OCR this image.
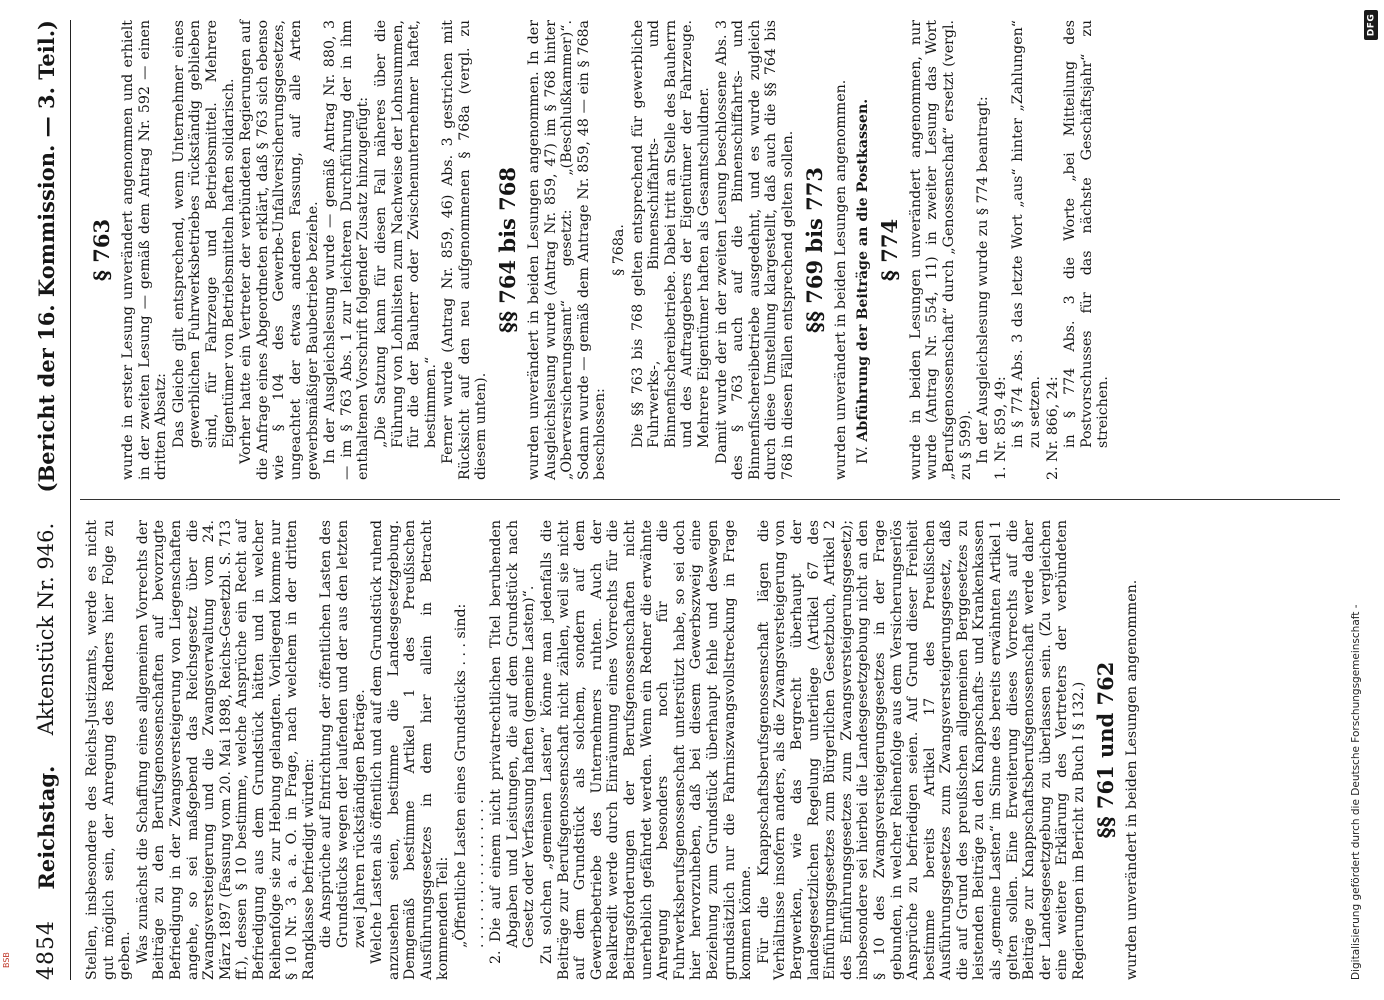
4854
Reichstag.
Aktenstück Nr. 946.
(Bericht der 16. Kommission. — 3. Teil.)

Stellen, insbesondere des Reichs-Justizamts, werde es nicht gut möglich sein, der Anregung des Redners hier Folge zu geben. Was zunächst die Schaffung eines allgemeinen Vorrechts der Beiträge zu den Berufsgenossenschaften auf bevorzugte Befriedigung in der Zwangsversteigerung von Liegenschaften angehe, so sei maßgebend das Reichsgesetz über die Zwangsversteigerung und die Zwangsverwaltung vom 24. März 1897 (Fassung vom 20. Mai 1898, Reichs-Gesetzbl. S. 713 ff.), dessen § 10 bestimme, welche Ansprüche ein Recht auf Befriedigung aus dem Grundstück hätten und in welcher Reihenfolge sie zur Hebung gelangten. Vorliegend komme nur § 10 Nr. 3 a. a. O. in Frage, nach welchem in der dritten Rangklasse befriedigt würden: die Ansprüche auf Entrichtung der öffentlichen Lasten des Grundstücks wegen der laufenden und der aus den letzten zwei Jahren rückständigen Beträge. Welche Lasten als öffentlich und auf dem Grundstück ruhend anzusehen seien, bestimme die Landesgesetzgebung. Demgemäß bestimme Artikel 1 des Preußischen Ausführungsgesetzes in dem hier allein in Betracht kommenden Teil: „Öffentliche Lasten eines Grundstücks . . . sind: . . . . . . . . . . . . . . . . . 2. Die auf einem nicht privatrechtlichen Titel beruhenden Abgaben und Leistungen, die auf dem Grundstück nach Gesetz oder Verfassung haften (gemeine Lasten)“. Zu solchen „gemeinen Lasten“ könne man jedenfalls die Beiträge zur Berufsgenossenschaft nicht zählen, weil sie nicht auf dem Grundstück als solchem, sondern auf dem Gewerbebetriebe des Unternehmers ruhten. Auch der Realkredit werde durch Einräumung eines Vorrechts für die Beitragsforderungen der Berufsgenossenschaften nicht unerheblich gefährdet werden. Wenn ein Redner die erwähnte Anregung besonders noch für die Fuhrwerksberufsgenossenschaft unterstützt habe, so sei doch hier hervorzuheben, daß bei diesem Gewerbszweig eine Beziehung zum Grundstück überhaupt fehle und deswegen grundsätzlich nur die Fahrniszwangsvollstreckung in Frage kommen könne. Für die Knappschaftsberufsgenossenschaft lägen die Verhältnisse insofern anders, als die Zwangsversteigerung von Bergwerken, wie das Bergrecht überhaupt der landesgesetzlichen Regelung unterliege (Artikel 67 des Einführungsgesetzes zum Bürgerlichen Gesetzbuch, Artikel 2 des Einführungsgesetzes zum Zwangsversteigerungsgesetz); insbesondere sei hierbei die Landesgesetzgebung nicht an den § 10 des Zwangsversteigerungsgesetzes in der Frage gebunden, in welcher Reihenfolge aus dem Versicherungserlös Ansprüche zu befriedigen seien. Auf Grund dieser Freiheit bestimme bereits Artikel 17 des Preußischen Ausführungsgesetzes zum Zwangsversteigerungsgesetz, daß die auf Grund des preußischen allgemeinen Berggesetzes zu leistenden Beiträge zu den Knappschafts- und Krankenkassen als „gemeine Lasten“ im Sinne des bereits erwähnten Artikel 1 gelten sollen. Eine Erweiterung dieses Vorrechts auf die Beiträge zur Knappschaftsberufsgenossenschaft werde daher der Landesgesetzgebung zu überlassen sein. (Zu vergleichen eine weitere Erklärung des Vertreters der verbündeten Regierungen im Bericht zu Buch I § 132.) §§ 761 und 762 wurden unverändert in beiden Lesungen angenommen.

§ 763 wurde in erster Lesung unverändert angenommen und erhielt in der zweiten Lesung — gemäß dem Antrag Nr. 592 — einen dritten Absatz: Das Gleiche gilt entsprechend, wenn Unternehmer eines gewerblichen Fuhrwerksbetriebes rückständig geblieben sind, für Fahrzeuge und Betriebsmittel. Mehrere Eigentümer von Betriebsmitteln haften solidarisch. Vorher hatte ein Vertreter der verbündeten Regierungen auf die Anfrage eines Abgeordneten erklärt, daß § 763 sich ebenso wie § 104 des Gewerbe-Unfallversicherungsgesetzes, ungeachtet der etwas anderen Fassung, auf alle Arten gewerbsmäßiger Baubetriebe beziehe. In der Ausgleichslesung wurde — gemäß Antrag Nr. 880, 3 — im § 763 Abs. 1 zur leichteren Durchführung der in ihm enthaltenen Vorschrift folgender Zusatz hinzugefügt: „Die Satzung kann für diesen Fall näheres über die Führung von Lohnlisten zum Nachweise der Lohnsummen, für die der Bauherr oder Zwischenunternehmer haftet, bestimmen.“ Ferner wurde (Antrag Nr. 859, 46) Abs. 3 gestrichen mit Rücksicht auf den neu aufgenommenen § 768a (vergl. zu diesem unten).

§§ 764 bis 768 wurden unverändert in beiden Lesungen angenommen. In der Ausgleichslesung wurde (Antrag Nr. 859, 47) im § 768 hinter „Oberversicherungsamt“ gesetzt: „(Beschlußkammer)“. Sodann wurde — gemäß dem Antrage Nr. 859, 48 — ein § 768a beschlossen:

§ 768a. Die §§ 763 bis 768 gelten entsprechend für gewerbliche Fuhrwerks-, Binnenschiffahrts- und Binnenfischereibetriebe. Dabei tritt an Stelle des Bauherrn und des Auftraggebers der Eigentümer der Fahrzeuge. Mehrere Eigentümer haften als Gesamtschuldner. Damit wurde der in der zweiten Lesung beschlossene Abs. 3 des § 763 auch auf die Binnenschiffahrts- und Binnenfischereibetriebe ausgedehnt, und es wurde zugleich durch diese Umstellung klargestellt, daß auch die §§ 764 bis 768 in diesen Fällen entsprechend gelten sollen. §§ 769 bis 773 wurden unverändert in beiden Lesungen angenommen. IV. Abführung der Beiträge an die Postkassen. § 774 wurde in beiden Lesungen unverändert angenommen, nur wurde (Antrag Nr. 554, 11) in zweiter Lesung das Wort „Berufsgenossenschaft“ durch „Genossenschaft“ ersetzt (vergl. zu § 599). In der Ausgleichslesung wurde zu § 774 beantragt: 1. Nr. 859, 49: in § 774 Abs. 3 das letzte Wort „aus“ hinter „Zahlungen“ zu setzen. 2. Nr. 866, 24: in § 774 Abs. 3 die Worte „bei Mitteilung des Postvorschusses für das nächste Geschäftsjahr“ zu streichen.

Digitalisierung gefördert durch die Deutsche Forschungsgemeinschaft -
DFG
BSB
